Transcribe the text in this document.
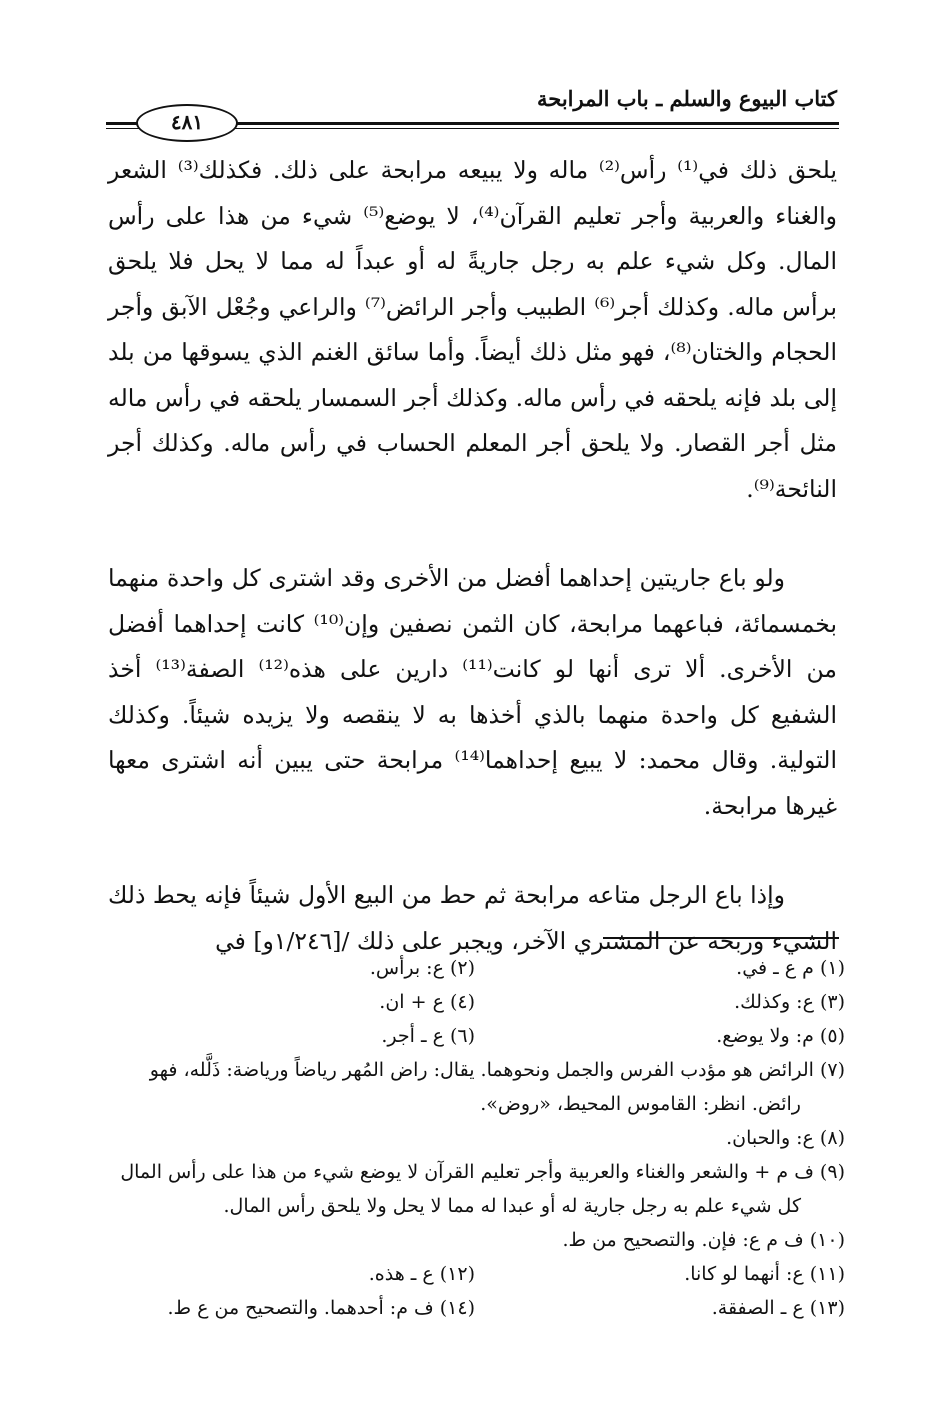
كتاب البيوع والسلم ـ باب المرابحة
٤٨١

يلحق ذلك في⁽¹⁾ رأس⁽²⁾ ماله ولا يبيعه مرابحة على ذلك. فكذلك⁽³⁾ الشعر والغناء والعربية وأجر تعليم القرآن⁽⁴⁾، لا يوضع⁽⁵⁾ شيء من هذا على رأس المال. وكل شيء علم به رجل جاريةً له أو عبداً له مما لا يحل فلا يلحق برأس ماله. وكذلك أجر⁽⁶⁾ الطبيب وأجر الرائض⁽⁷⁾ والراعي وجُعْل الآبق وأجر الحجام والختان⁽⁸⁾، فهو مثل ذلك أيضاً. وأما سائق الغنم الذي يسوقها من بلد إلى بلد فإنه يلحقه في رأس ماله. وكذلك أجر السمسار يلحقه في رأس ماله مثل أجر القصار. ولا يلحق أجر المعلم الحساب في رأس ماله. وكذلك أجر النائحة⁽⁹⁾.

ولو باع جاريتين إحداهما أفضل من الأخرى وقد اشترى كل واحدة منهما بخمسمائة، فباعهما مرابحة، كان الثمن نصفين وإن⁽¹⁰⁾ كانت إحداهما أفضل من الأخرى. ألا ترى أنها لو كانت⁽¹¹⁾ دارين على هذه⁽¹²⁾ الصفة⁽¹³⁾ أخذ الشفيع كل واحدة منهما بالذي أخذها به لا ينقصه ولا يزيده شيئاً. وكذلك التولية. وقال محمد: لا يبيع إحداهما⁽¹⁴⁾ مرابحة حتى يبين أنه اشترى معها غيرها مرابحة.

وإذا باع الرجل متاعه مرابحة ثم حط من البيع الأول شيئاً فإنه يحط ذلك الشيء وربحه عن المشتري الآخر، ويجبر على ذلك /[١/٢٤٦و] في

(١) م ع ـ في.
(٢) ع: برأس.
(٣) ع: وكذلك.
(٤) ع + ان.
(٥) م: ولا يوضع.
(٦) ع ـ أجر.
(٧) الرائض هو مؤدب الفرس والجمل ونحوهما. يقال: راض المُهر رياضاً ورياضة: ذَلَّله، فهو رائض. انظر: القاموس المحيط، «روض».
(٨) ع: والحبان.
(٩) ف م + والشعر والغناء والعربية وأجر تعليم القرآن لا يوضع شيء من هذا على رأس المال كل شيء علم به رجل جارية له أو عبدا له مما لا يحل ولا يلحق رأس المال.
(١٠) ف م ع: فإن. والتصحيح من ط.
(١١) ع: أنهما لو كانا.
(١٢) ع ـ هذه.
(١٣) ع ـ الصفقة.
(١٤) ف م: أحدهما. والتصحيح من ع ط.
